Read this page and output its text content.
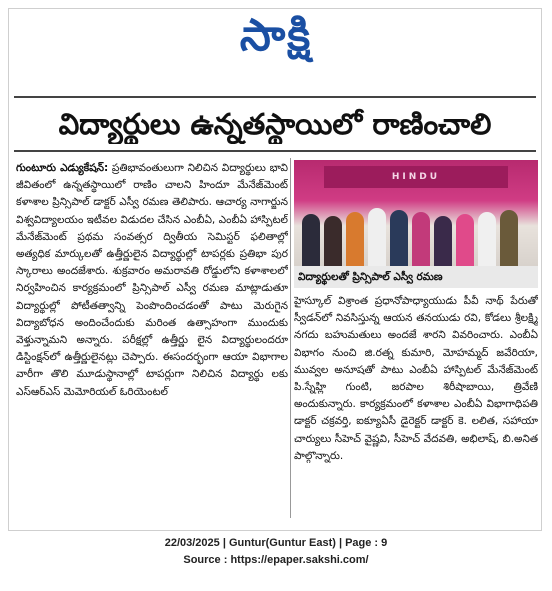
సాక్షి
విద్యార్థులు ఉన్నతస్థాయిలో రాణించాలి
గుంటూరు ఎడ్యుకేషన్: ప్రతిభావంతులుగా నిలిచిన విద్యార్థులు భావి జీవితంలో ఉన్నతస్థాయిలో రాణిం చాలని హిందూ మేనేజ్‌మెంట్ కళాశాల ప్రిన్సిపాల్ డాక్టర్ ఎస్వీ రమణ తెలిపారు. ఆచార్య నాగార్జున విశ్వవిద్యాలయం ఇటీవల విడుదల చేసిన ఎంబీఏ, ఎంబీఏ హాస్పిటల్ మేనేజ్‌మెంట్ ప్రథమ సంవత్సర ద్వితీయ సెమిస్టర్ ఫలితాల్లో అత్యధిక మార్కులతో ఉత్తీర్ణులైన విద్యార్థుల్లో టాపర్లకు ప్రతిభా పుర స్కారాలు అందజేశారు. శుక్రవారం అమరావతి రోడ్డులోని కళాశాలలో నిర్వహించిన కార్యక్రమంలో ప్రిన్సిపాల్ ఎస్వీ రమణ మాట్లాడుతూ విద్యార్థుల్లో పోటీతత్వాన్ని పెంపొందించడంతో పాటు మెరుగైన విద్యాబోధన అందించేందుకు మరింత ఉత్సాహంగా ముందుకు వెళ్తున్నామని అన్నారు. పరీక్షల్లో ఉత్తీర్ణు లైన విద్యార్థులందరూ డిస్టింక్షన్‌లో ఉత్తీర్ణులైనట్లు చెప్పారు. ఈసందర్భంగా ఆయా విభాగాల వారీగా తొలి మూడుస్థానాల్లో టాపర్లుగా నిలిచిన విద్యార్థు లకు ఎస్‌ఆర్‌ఎస్ మెమోరియల్ ఓరియెంటల్
HINDU
విద్యార్థులతో ప్రిన్సిపాల్ ఎస్వీ రమణ
హైస్కూల్ విశ్రాంత ప్రధానోపాధ్యాయుడు పీవీ నాథ్ పేరుతో స్వీడన్‌లో నివసిస్తున్న ఆయన తనయుడు రవి, కోడలు శ్రీలక్ష్మి నగదు బహుమతులు అందజే శారని వివరించారు. ఎంబీఏ విభాగం నుంచి జి.రత్న కుమారి, మోహమ్మద్ జవేరియా, మువ్వల అనూషతో పాటు ఎంబీఏ హాస్పిటల్ మేనేజ్‌మెంట్ పి.స్నేహ్లి గుంటి, జరపాల శిరీషాబాయి, త్రివేణి అందుకున్నారు. కార్యక్రమంలో కళాశాల ఎంబీఏ విభాగాధిపతి డాక్టర్ చక్రవర్తి, ఐక్యూఏసీ డైరెక్టర్ డాక్టర్ కె. లలిత, సహాయా చార్యులు సీహెచ్ వైష్ణవి, సీహెచ్ వేదవతి, అభిలాష్, బి.అనిత పాల్గొన్నారు.
22/03/2025 | Guntur(Guntur East) | Page : 9
Source : https://epaper.sakshi.com/
